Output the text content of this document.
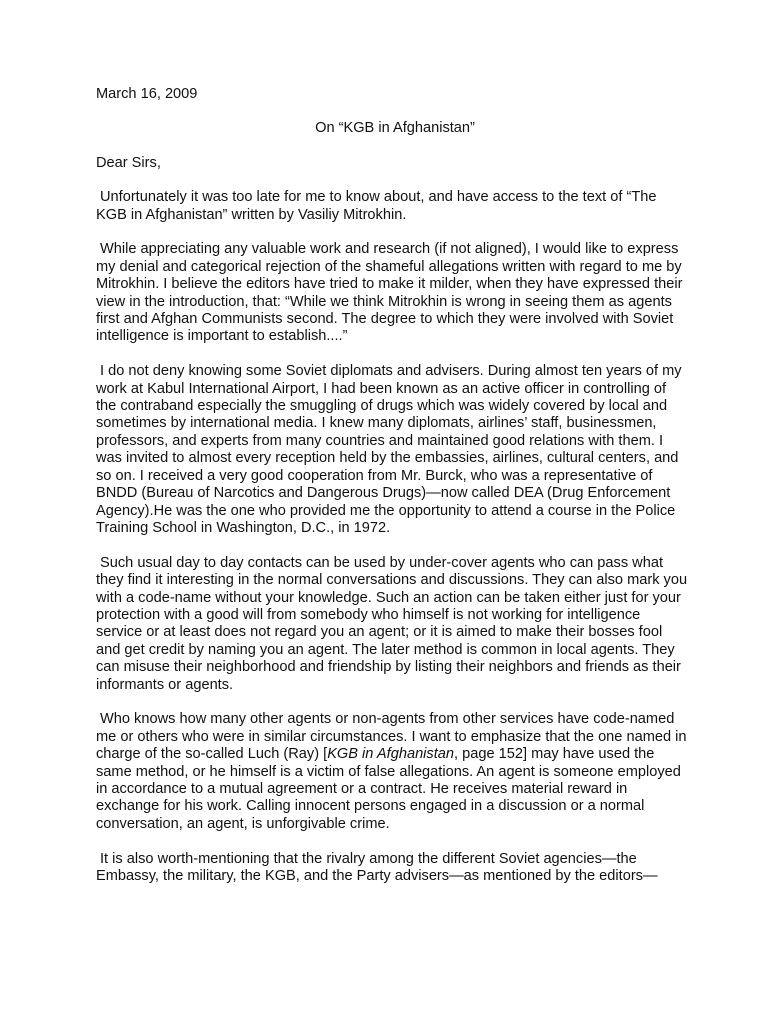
March 16, 2009

On “KGB in Afghanistan”

Dear Sirs,

Unfortunately it was too late for me to know about, and have access to the text of “The KGB in Afghanistan” written by Vasiliy Mitrokhin.

While appreciating any valuable work and research (if not aligned), I would like to express my denial and categorical rejection of the shameful allegations written with regard to me by Mitrokhin. I believe the editors have tried to make it milder, when they have expressed their view in the introduction, that: “While we think Mitrokhin is wrong in seeing them as agents first and Afghan Communists second. The degree to which they were involved with Soviet intelligence is important to establish....”

I do not deny knowing some Soviet diplomats and advisers. During almost ten years of my work at Kabul International Airport, I had been known as an active officer in controlling of the contraband especially the smuggling of drugs which was widely covered by local and sometimes by international media. I knew many diplomats, airlines’ staff, businessmen, professors, and experts from many countries and maintained good relations with them. I was invited to almost every reception held by the embassies, airlines, cultural centers, and so on. I received a very good cooperation from Mr. Burck, who was a representative of BNDD (Bureau of Narcotics and Dangerous Drugs)—now called DEA (Drug Enforcement Agency).He was the one who provided me the opportunity to attend a course in the Police Training School in Washington, D.C., in 1972.

Such usual day to day contacts can be used by under-cover agents who can pass what they find it interesting in the normal conversations and discussions. They can also mark you with a code-name without your knowledge. Such an action can be taken either just for your protection with a good will from somebody who himself is not working for intelligence service or at least does not regard you an agent; or it is aimed to make their bosses fool and get credit by naming you an agent. The later method is common in local agents. They can misuse their neighborhood and friendship by listing their neighbors and friends as their informants or agents.

Who knows how many other agents or non-agents from other services have code-named me or others who were in similar circumstances. I want to emphasize that the one named in charge of the so-called Luch (Ray) [KGB in Afghanistan, page 152] may have used the same method, or he himself is a victim of false allegations. An agent is someone employed in accordance to a mutual agreement or a contract. He receives material reward in exchange for his work. Calling innocent persons engaged in a discussion or a normal conversation, an agent, is unforgivable crime.

It is also worth-mentioning that the rivalry among the different Soviet agencies—the Embassy, the military, the KGB, and the Party advisers—as mentioned by the editors—
